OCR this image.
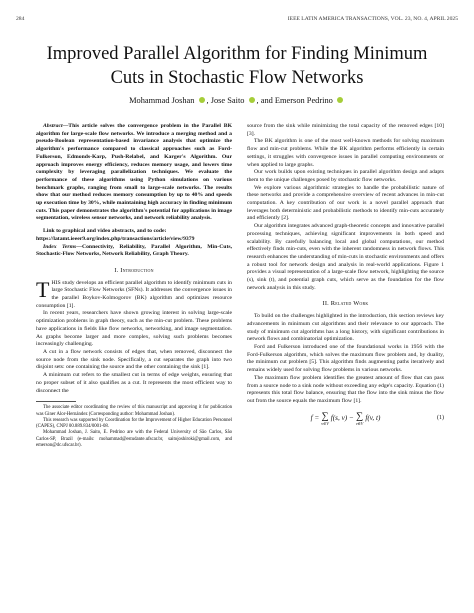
284	IEEE LATIN AMERICA TRANSACTIONS, VOL. 23, NO. 4, APRIL 2025
Improved Parallel Algorithm for Finding Minimum
Cuts in Stochastic Flow Networks
Mohammad Joshan , Jose Saito , and Emerson Pedrino

Abstract—This article solves the convergence problem in the Parallel BK algorithm for large-scale flow networks. We introduce a merging method and a pseudo-Boolean representation-based invariance analysis that optimize the algorithm's performance compared to classical approaches such as Ford-Fulkerson, Edmonds-Karp, Push-Relabel, and Karger's Algorithm. Our approach improves energy efficiency, reduces memory usage, and lowers time complexity by leveraging parallelization techniques. We evaluate the performance of these algorithms using Python simulations on various benchmark graphs, ranging from small to large-scale networks. The results show that our method reduces memory consumption by up to 40% and speeds up execution time by 30%, while maintaining high accuracy in finding minimum cuts. This paper demonstrates the algorithm's potential for applications in image segmentation, wireless sensor networks, and network reliability analysis.

Link to graphical and video abstracts, and to code:
https://latamt.ieeer9.org/index.php/transactions/article/view/9379

Index Terms—Connectivity, Reliability, Parallel Algorithm, Min-Cuts, Stochastic-Flow Networks, Network Reliability, Graph Theory.

I. Introduction

THIS study develops an efficient parallel algorithm to identify minimum cuts in large Stochastic Flow Networks (SFNs). It addresses the convergence issues in the parallel Boykov-Kolmogorov (BK) algorithm and optimizes resource consumption [1].

In recent years, researchers have shown growing interest in solving large-scale optimization problems in graph theory, such as the min-cut problem. These problems have applications in fields like flow networks, networking, and image segmentation. As graphs become larger and more complex, solving such problems becomes increasingly challenging.

A cut in a flow network consists of edges that, when removed, disconnect the source node from the sink node. Specifically, a cut separates the graph into two disjoint sets: one containing the source and the other containing the sink [1].

A minimum cut refers to the smallest cut in terms of edge weights, ensuring that no proper subset of it also qualifies as a cut. It represents the most efficient way to disconnect the

The associate editor coordinating the review of this manuscript and approving it for publication was Giner Alor-Hernández (Corresponding author: Mohammad Joshan).

This research was supported by Coordination for the Improvement of Higher Education Personnel (CAPES), CNPJ 00.889.834/0001-08.

Mohammad Joshan, J. Saito, E. Pedrino are with the Federal University of São Carlos, São Carlos-SP, Brazil (e-mails: mohammad@estudante.ufscar.br, saitojoshiroki@gmail.com, and emerson@dc.ufscar.br).

source from the sink while minimizing the total capacity of the removed edges [10] [3].

The BK algorithm is one of the most well-known methods for solving maximum flow and min-cut problems. While the BK algorithm performs efficiently in certain settings, it struggles with convergence issues in parallel computing environments or when applied to large graphs.

Our work builds upon existing techniques in parallel algorithm design and adapts them to the unique challenges posed by stochastic flow networks.

We explore various algorithmic strategies to handle the probabilistic nature of these networks and provide a comprehensive overview of recent advances in min-cut computation. A key contribution of our work is a novel parallel approach that leverages both deterministic and probabilistic methods to identify min-cuts accurately and efficiently [2].

Our algorithm integrates advanced graph-theoretic concepts and innovative parallel processing techniques, achieving significant improvements in both speed and scalability. By carefully balancing local and global computations, our method effectively finds min-cuts, even with the inherent randomness in network flows. This research enhances the understanding of min-cuts in stochastic environments and offers a robust tool for network design and analysis in real-world applications. Figure 1 provides a visual representation of a large-scale flow network, highlighting the source (s), sink (t), and potential graph cuts, which serve as the foundation for the flow network analysis in this study.

II. Related Work

To build on the challenges highlighted in the introduction, this section reviews key advancements in minimum cut algorithms and their relevance to our approach. The study of minimum cut algorithms has a long history, with significant contributions in network flows and combinatorial optimization.

Ford and Fulkerson introduced one of the foundational works in 1956 with the Ford-Fulkerson algorithm, which solves the maximum flow problem and, by duality, the minimum cut problem [5]. This algorithm finds augmenting paths iteratively and remains widely used for solving flow problems in various networks.

The maximum flow problem identifies the greatest amount of flow that can pass from a source node to a sink node without exceeding any edge's capacity. Equation (1) represents this total flow balance, ensuring that the flow into the sink minus the flow out from the source equals the maximum flow [1].

f = ∑
v∈V
f(s, v) − ∑
v∈V
f(v, t)	(1)
